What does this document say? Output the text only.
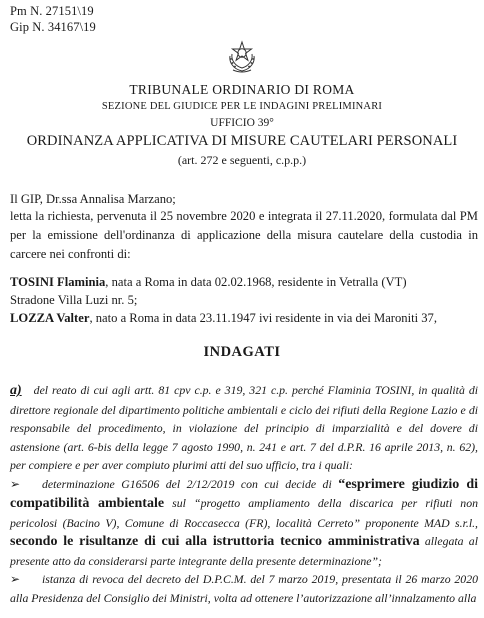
Pm N. 27151\19
Gip N. 34167\19
TRIBUNALE ORDINARIO DI ROMA
SEZIONE DEL GIUDICE PER LE INDAGINI PRELIMINARI
UFFICIO 39°
ORDINANZA APPLICATIVA DI MISURE CAUTELARI PERSONALI
(art. 272 e seguenti, c.p.p.)
Il GIP, Dr.ssa Annalisa Marzano;
letta la richiesta, pervenuta il 25 novembre 2020 e integrata il 27.11.2020, formulata dal PM per la emissione dell'ordinanza di applicazione della misura cautelare della custodia in carcere nei confronti di:
TOSINI Flaminia, nata a Roma in data 02.02.1968, residente in Vetralla (VT)
Stradone Villa Luzi nr. 5;
LOZZA Valter, nato a Roma in data 23.11.1947 ivi residente in via dei Maroniti 37,
INDAGATI

a) del reato di cui agli artt. 81 cpv c.p. e 319, 321 c.p. perché Flaminia TOSINI, in qualità di direttore regionale del dipartimento politiche ambientali e ciclo dei rifiuti della Regione Lazio e di responsabile del procedimento, in violazione del principio di imparzialità e del dovere di astensione (art. 6-bis della legge 7 agosto 1990, n. 241 e art. 7 del d.P.R. 16 aprile 2013, n. 62), per compiere e per aver compiuto plurimi atti del suo ufficio, tra i quali:

➢ determinazione G16506 del 2/12/2019 con cui decide di “esprimere giudizio di compatibilità ambientale sul “progetto ampliamento della discarica per rifiuti non pericolosi (Bacino V), Comune di Roccasecca (FR), località Cerreto” proponente MAD s.r.l., secondo le risultanze di cui alla istruttoria tecnico amministrativa allegata al presente atto da considerarsi parte integrante della presente determinazione”;

➢ istanza di revoca del decreto del D.P.C.M. del 7 marzo 2019, presentata il 26 marzo 2020 alla Presidenza del Consiglio dei Ministri, volta ad ottenere l’autorizzazione all’innalzamento alla
